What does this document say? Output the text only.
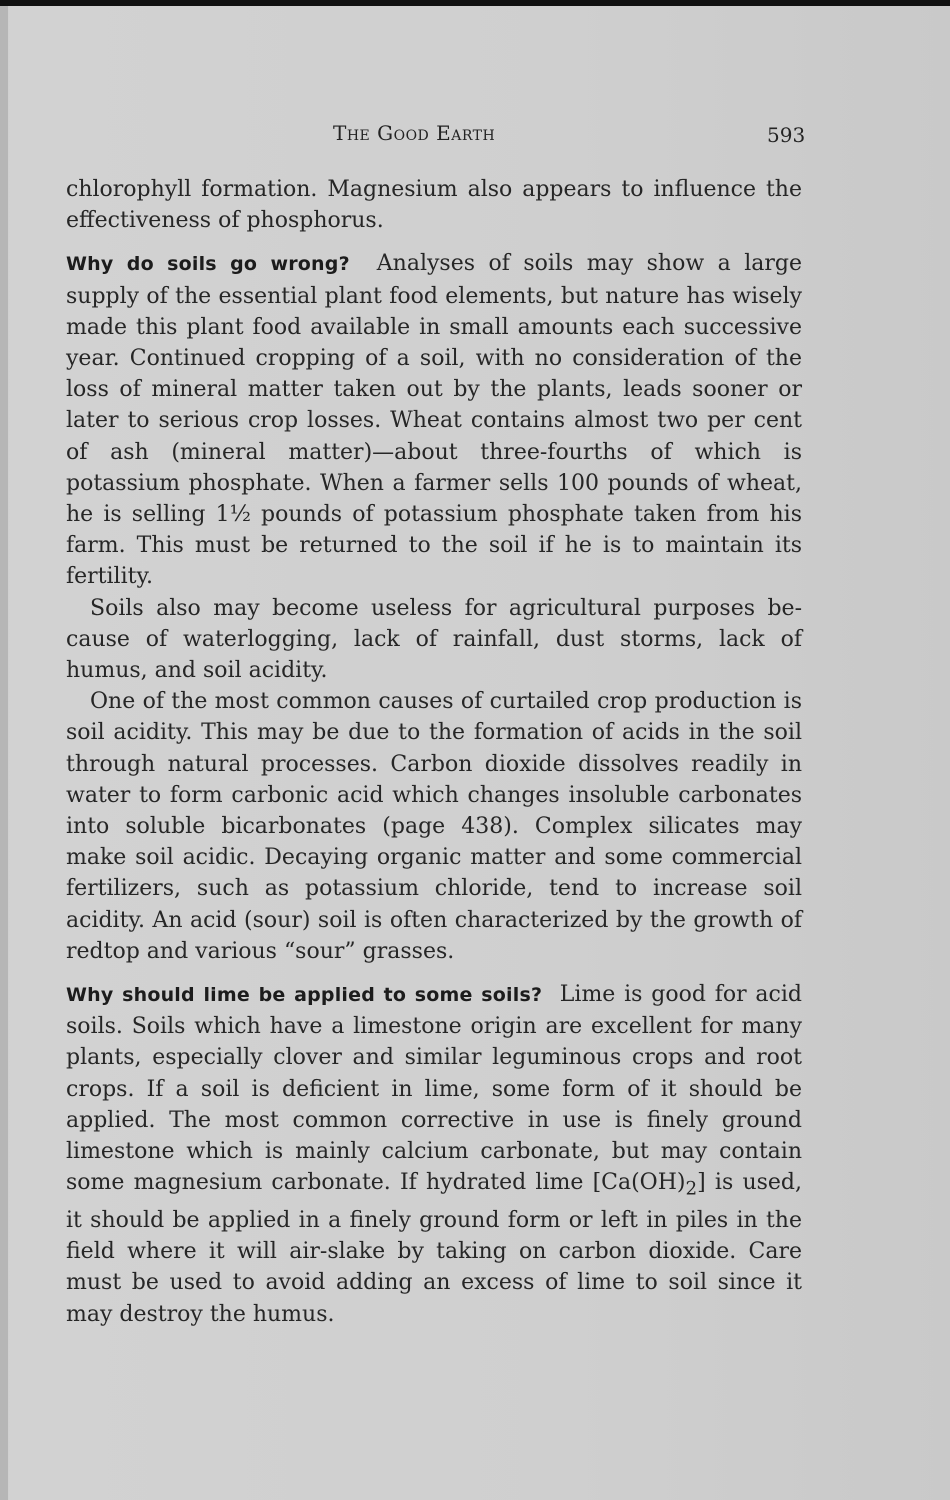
The Good Earth	593

chlorophyll formation. Magnesium also appears to influence the effectiveness of phosphorus.

Why do soils go wrong? Analyses of soils may show a large supply of the essential plant food elements, but nature has wisely made this plant food available in small amounts each successive year. Continued cropping of a soil, with no consideration of the loss of mineral matter taken out by the plants, leads sooner or later to serious crop losses. Wheat contains almost two per cent of ash (mineral matter)—about three-fourths of which is potassium phosphate. When a farmer sells 100 pounds of wheat, he is selling 1½ pounds of potassium phosphate taken from his farm. This must be returned to the soil if he is to maintain its fertility.

Soils also may become useless for agricultural purposes because of waterlogging, lack of rainfall, dust storms, lack of humus, and soil acidity.

One of the most common causes of curtailed crop production is soil acidity. This may be due to the formation of acids in the soil through natural processes. Carbon dioxide dissolves readily in water to form carbonic acid which changes insoluble carbonates into soluble bicarbonates (page 438). Complex silicates may make soil acidic. Decaying organic matter and some commercial fertilizers, such as potassium chloride, tend to increase soil acidity. An acid (sour) soil is often characterized by the growth of redtop and various “sour” grasses.

Why should lime be applied to some soils? Lime is good for acid soils. Soils which have a limestone origin are excellent for many plants, especially clover and similar leguminous crops and root crops. If a soil is deficient in lime, some form of it should be applied. The most common corrective in use is finely ground limestone which is mainly calcium carbonate, but may contain some magnesium carbonate. If hydrated lime $[Ca(OH)_2]$ is used, it should be applied in a finely ground form or left in piles in the field where it will air-slake by taking on carbon dioxide. Care must be used to avoid adding an excess of lime to soil since it may destroy the humus.
